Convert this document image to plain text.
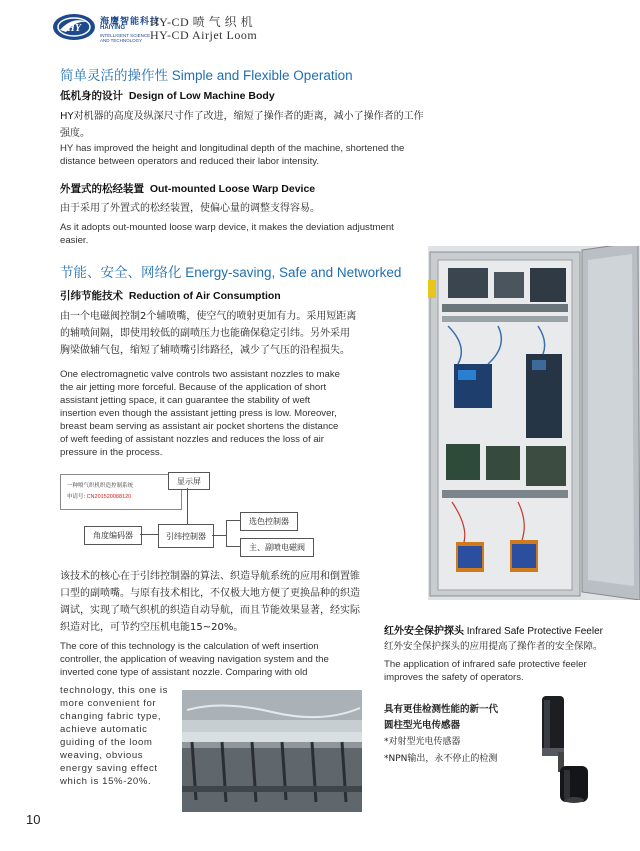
HY
海鹰智能科技
HAIYING
INTELLIGENT SCIENCE
AND TECHNOLOGY
HY-CD 喷 气 织 机
HY-CD Airjet Loom
简单灵活的操作性 Simple and Flexible Operation
低机身的设计 Design of Low Machine Body
HY对机器的高度及纵深尺寸作了改进，缩短了操作者的距离，减小了操作者的工作
强度。
HY has improved the height and longitudinal depth of the machine, shortened the
distance between operators and reduced their labor intensity.
外置式的松经装置 Out-mounted Loose Warp Device
由于采用了外置式的松经装置，使偏心量的调整支得容易。
As it adopts out-mounted loose warp device, it makes the deviation adjustment
easier.
节能、安全、网络化 Energy-saving, Safe and Networked
引纬节能技术 Reduction of Air Consumption
由一个电磁阀控制2个辅喷嘴，使空气的喷射更加有力。采用短距离
的辅喷间隔，即使用较低的副喷压力也能确保稳定引纬。另外采用
胸梁做辅气包，缩短了辅喷嘴引纬路径，减少了气压的沿程损失。
One electromagnetic valve controls two assistant nozzles to make
the air jetting more forceful. Because of the application of short
assistant jetting space, it can guarantee the stability of weft
insertion even though the assistant jetting press is low. Moreover,
breast beam serving as assistant air pocket shortens the distance
of weft feeding of assistant nozzles and reduces the loss of air
pressure in the process.
一种喷气织机织造控制系统
申请号: CN201520088120
显示屏
角度编码器	引纬控制器
选色控制器
主、副喷电磁阀
该技术的核心在于引纬控制器的算法、织造导航系统的应用和倒置锥
口型的副喷嘴。与原有技术相比，不仅极大地方便了更换品种的织造
调试，实现了喷气织机的织造自动导航，而且节能效果显著，经实际
织造对比，可节约空压机电能15~20%。
The core of this technology is the calculation of weft insertion
controller, the application of weaving navigation system and the
inverted cone type of assistant nozzle. Comparing with old
technology, this one is
more convenient for
changing fabric type,
achieve automatic
guiding of the loom
weaving, obvious
energy saving effect
which is 15%-20%.
红外安全保护探头 Infrared Safe Protective Feeler
红外安全保护探头的应用提高了操作者的安全保障。
The application of infrared safe protective feeler
improves the safety of operators.
具有更佳检测性能的新一代
圆柱型光电传感器
*对射型光电传感器
*NPN输出，永不停止的检测
10
